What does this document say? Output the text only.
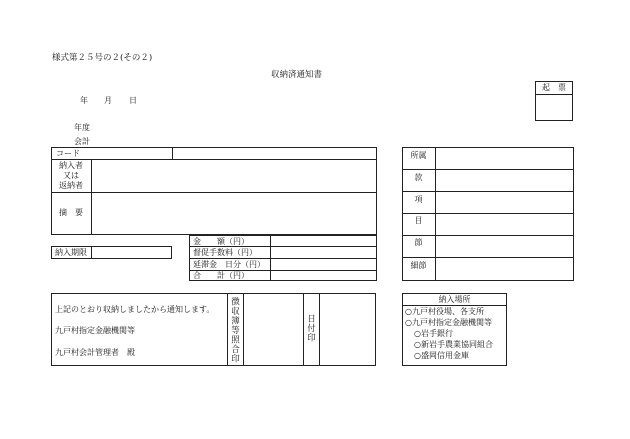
様式第２５号の２(その２)
収納済通知書
年 月 日
年度
会計
起　票
コード
納入者
又は
返納者
摘　要
納入期限
金　　額（円）
督促手数料（円）
延滞金　日分（円）
合　　計（円）
所属
款
項
目
節
細節
上記のとおり収納しましたから通知します。
九戸村指定金融機関等
九戸村会計管理者　殿	徴収簿等照合印	日付印
納入場所
○九戸村役場、各支所
○九戸村指定金融機関等
○岩手銀行
○新岩手農業協同組合
○盛岡信用金庫
